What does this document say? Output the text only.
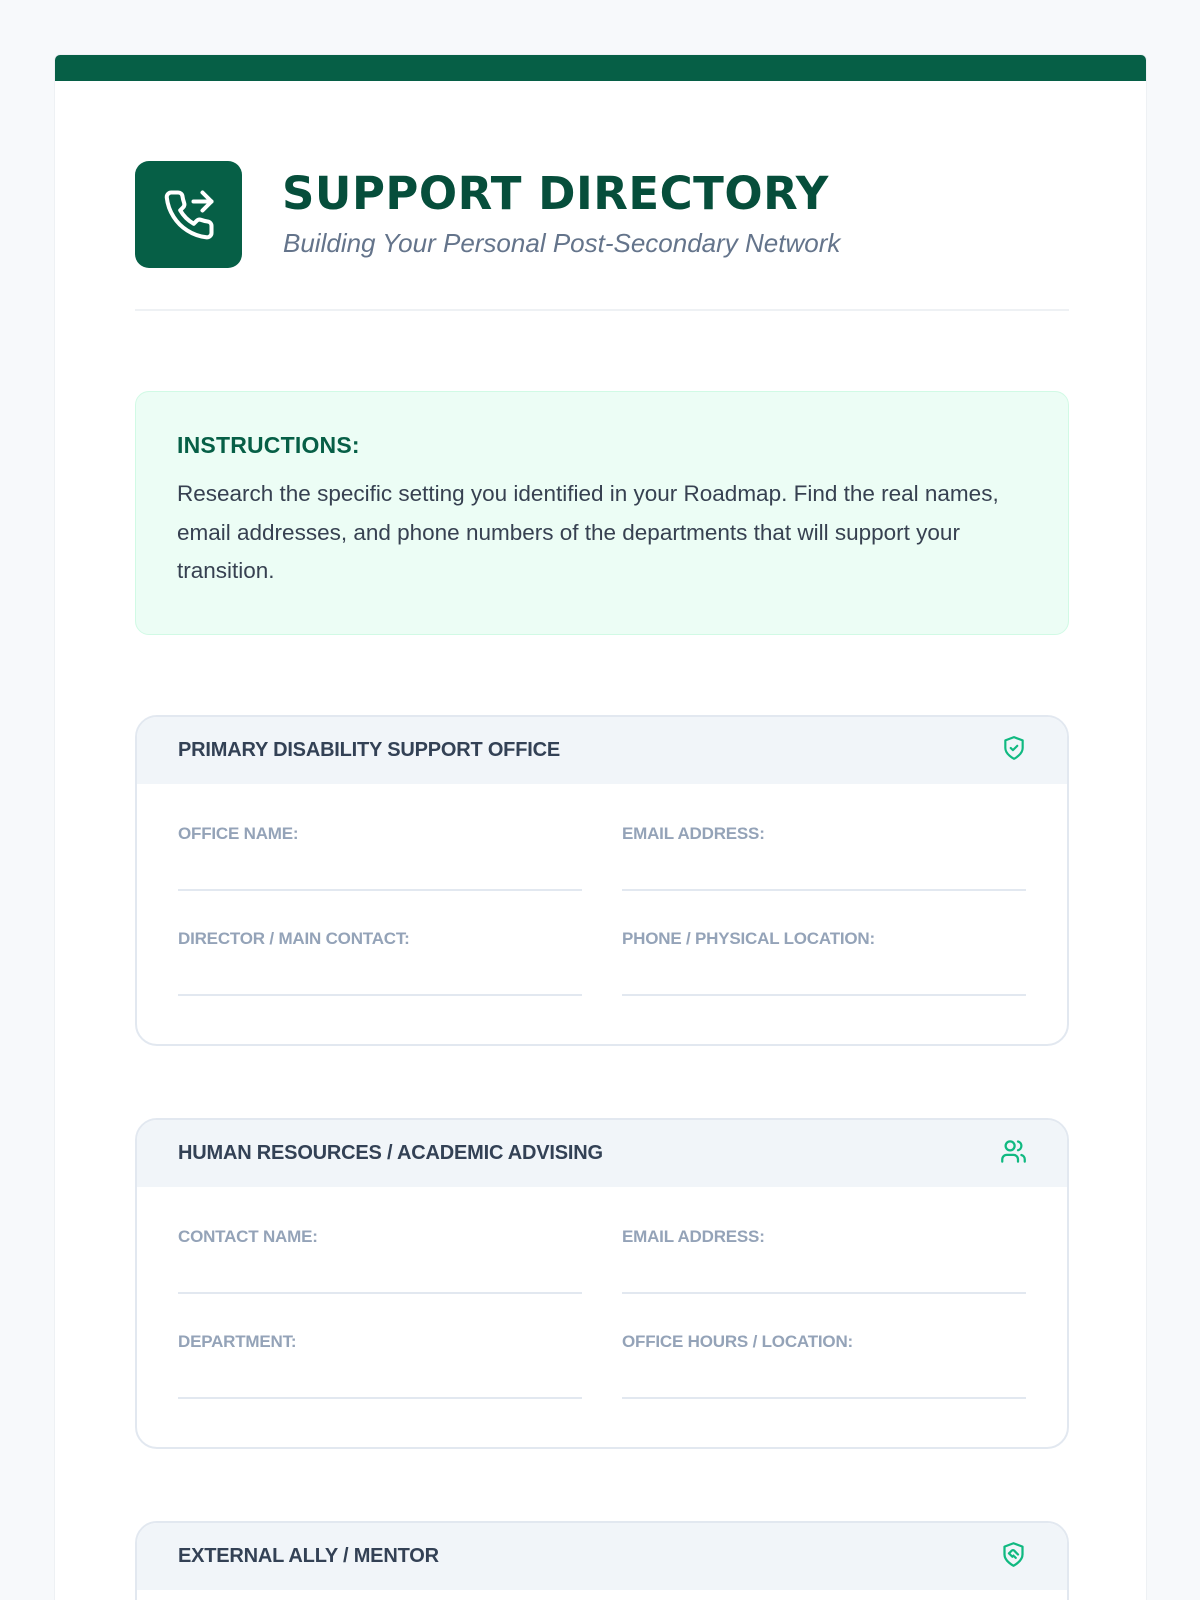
SUPPORT DIRECTORY
Building Your Personal Post-Secondary Network
INSTRUCTIONS:
Research the specific setting you identified in your Roadmap. Find the real names, email addresses, and phone numbers of the departments that will support your transition.
PRIMARY DISABILITY SUPPORT OFFICE
OFFICE NAME:	EMAIL ADDRESS:
DIRECTOR / MAIN CONTACT:	PHONE / PHYSICAL LOCATION:
HUMAN RESOURCES / ACADEMIC ADVISING
CONTACT NAME:	EMAIL ADDRESS:
DEPARTMENT:	OFFICE HOURS / LOCATION:
EXTERNAL ALLY / MENTOR
